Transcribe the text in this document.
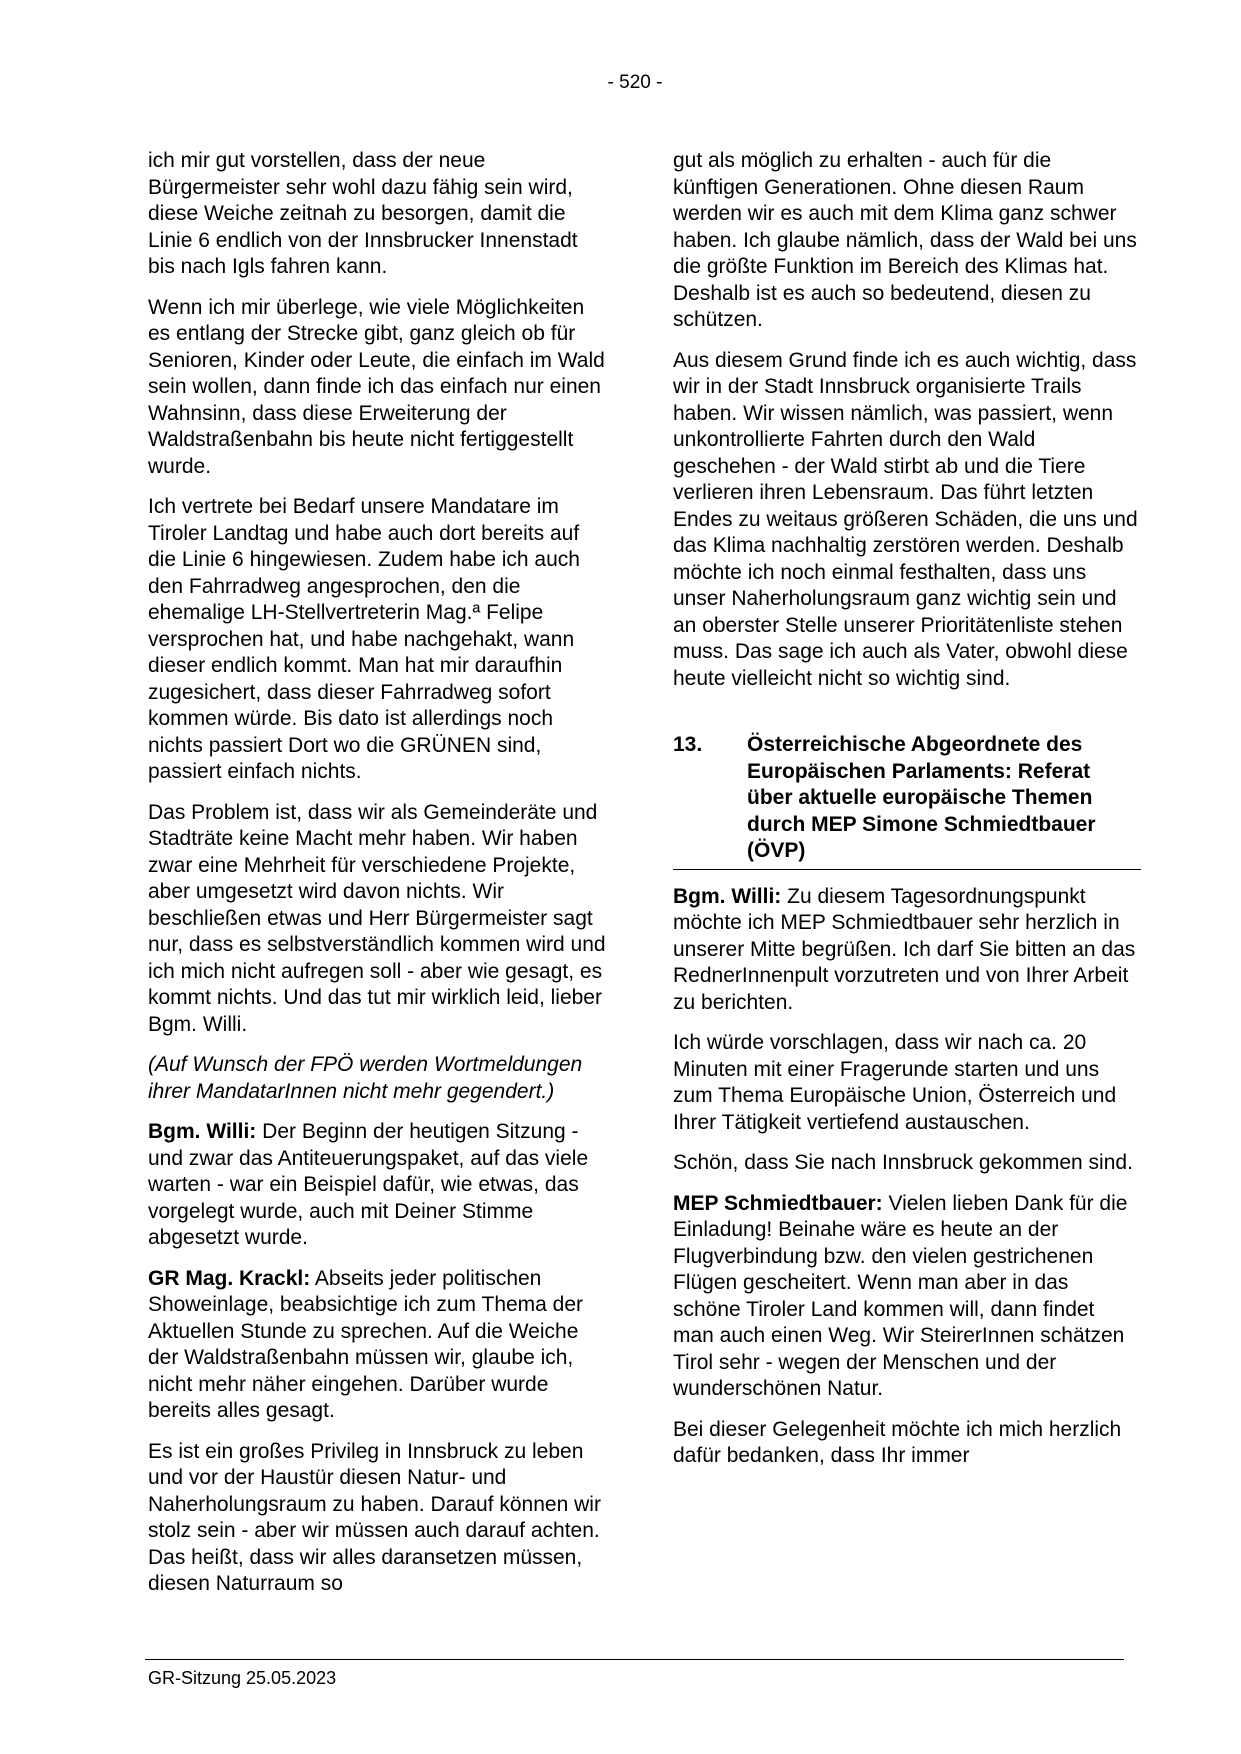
- 520 -

ich mir gut vorstellen, dass der neue Bürgermeister sehr wohl dazu fähig sein wird, diese Weiche zeitnah zu besorgen, damit die Linie 6 endlich von der Innsbrucker Innenstadt bis nach Igls fahren kann.

Wenn ich mir überlege, wie viele Möglichkeiten es entlang der Strecke gibt, ganz gleich ob für Senioren, Kinder oder Leute, die einfach im Wald sein wollen, dann finde ich das einfach nur einen Wahnsinn, dass diese Erweiterung der Waldstraßenbahn bis heute nicht fertiggestellt wurde.

Ich vertrete bei Bedarf unsere Mandatare im Tiroler Landtag und habe auch dort bereits auf die Linie 6 hingewiesen. Zudem habe ich auch den Fahrradweg angesprochen, den die ehemalige LH-Stellvertreterin Mag.ª Felipe versprochen hat, und habe nachgehakt, wann dieser endlich kommt. Man hat mir daraufhin zugesichert, dass dieser Fahrradweg sofort kommen würde. Bis dato ist allerdings noch nichts passiert Dort wo die GRÜNEN sind, passiert einfach nichts.

Das Problem ist, dass wir als Gemeinderäte und Stadträte keine Macht mehr haben. Wir haben zwar eine Mehrheit für verschiedene Projekte, aber umgesetzt wird davon nichts. Wir beschließen etwas und Herr Bürgermeister sagt nur, dass es selbstverständlich kommen wird und ich mich nicht aufregen soll - aber wie gesagt, es kommt nichts. Und das tut mir wirklich leid, lieber Bgm. Willi.

(Auf Wunsch der FPÖ werden Wortmeldungen ihrer MandatarInnen nicht mehr gegendert.)

Bgm. Willi: Der Beginn der heutigen Sitzung - und zwar das Antiteuerungspaket, auf das viele warten - war ein Beispiel dafür, wie etwas, das vorgelegt wurde, auch mit Deiner Stimme abgesetzt wurde.

GR Mag. Krackl: Abseits jeder politischen Showeinlage, beabsichtige ich zum Thema der Aktuellen Stunde zu sprechen. Auf die Weiche der Waldstraßenbahn müssen wir, glaube ich, nicht mehr näher eingehen. Darüber wurde bereits alles gesagt.

Es ist ein großes Privileg in Innsbruck zu leben und vor der Haustür diesen Natur- und Naherholungsraum zu haben. Darauf können wir stolz sein - aber wir müssen auch darauf achten. Das heißt, dass wir alles daransetzen müssen, diesen Naturraum so

gut als möglich zu erhalten - auch für die künftigen Generationen. Ohne diesen Raum werden wir es auch mit dem Klima ganz schwer haben. Ich glaube nämlich, dass der Wald bei uns die größte Funktion im Bereich des Klimas hat. Deshalb ist es auch so bedeutend, diesen zu schützen.

Aus diesem Grund finde ich es auch wichtig, dass wir in der Stadt Innsbruck organisierte Trails haben. Wir wissen nämlich, was passiert, wenn unkontrollierte Fahrten durch den Wald geschehen - der Wald stirbt ab und die Tiere verlieren ihren Lebensraum. Das führt letzten Endes zu weitaus größeren Schäden, die uns und das Klima nachhaltig zerstören werden. Deshalb möchte ich noch einmal festhalten, dass uns unser Naherholungsraum ganz wichtig sein und an oberster Stelle unserer Prioritätenliste stehen muss. Das sage ich auch als Vater, obwohl diese heute vielleicht nicht so wichtig sind.

13.	Österreichische Abgeordnete des Europäischen Parlaments: Referat über aktuelle europäische Themen durch MEP Simone Schmiedtbauer (ÖVP)

Bgm. Willi: Zu diesem Tagesordnungspunkt möchte ich MEP Schmiedtbauer sehr herzlich in unserer Mitte begrüßen. Ich darf Sie bitten an das RednerInnenpult vorzutreten und von Ihrer Arbeit zu berichten.

Ich würde vorschlagen, dass wir nach ca. 20 Minuten mit einer Fragerunde starten und uns zum Thema Europäische Union, Österreich und Ihrer Tätigkeit vertiefend austauschen.

Schön, dass Sie nach Innsbruck gekommen sind.

MEP Schmiedtbauer: Vielen lieben Dank für die Einladung! Beinahe wäre es heute an der Flugverbindung bzw. den vielen gestrichenen Flügen gescheitert. Wenn man aber in das schöne Tiroler Land kommen will, dann findet man auch einen Weg. Wir SteirerInnen schätzen Tirol sehr - wegen der Menschen und der wunderschönen Natur.

Bei dieser Gelegenheit möchte ich mich herzlich dafür bedanken, dass Ihr immer

GR-Sitzung 25.05.2023
